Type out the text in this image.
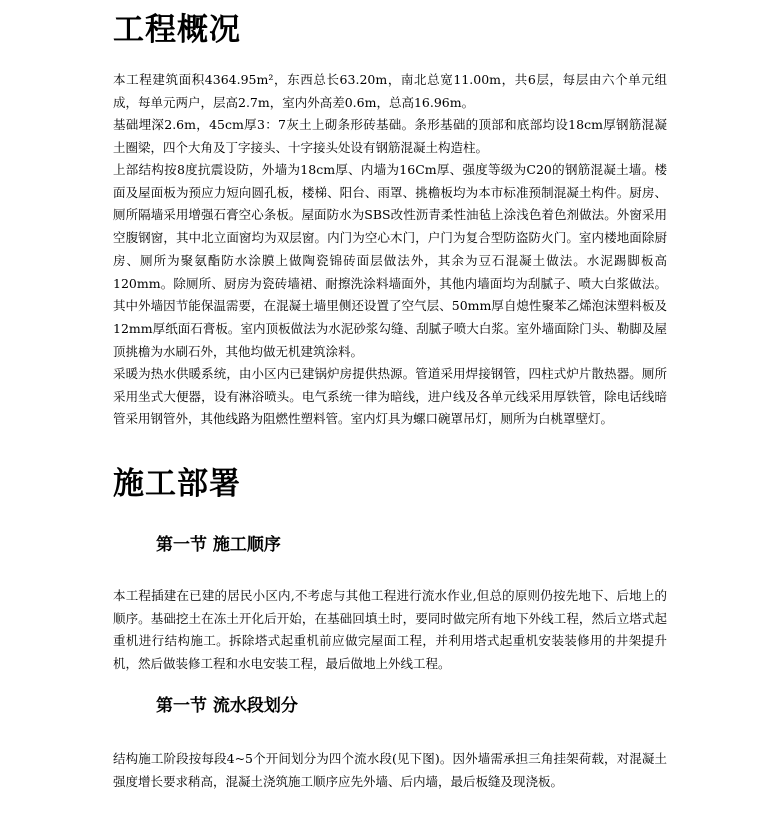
工程概况

本工程建筑面积4364.95m²，东西总长63.20m，南北总宽11.00m，共6层，每层由六个单元组成，每单元两户，层高2.7m，室内外高差0.6m，总高16.96m。

基础埋深2.6m，45cm厚3：7灰土上砌条形砖基础。条形基础的顶部和底部均设18cm厚钢筋混凝土圈梁，四个大角及丁字接头、十字接头处设有钢筋混凝土构造柱。

上部结构按8度抗震设防，外墙为18cm厚、内墙为16Cm厚、强度等级为C20的钢筋混凝土墙。楼面及屋面板为预应力短向圆孔板，楼梯、阳台、雨罩、挑檐板均为本市标准预制混凝土构件。厨房、厕所隔墙采用增强石膏空心条板。屋面防水为SBS改性沥青柔性油毡上涂浅色着色剂做法。外窗采用空腹钢窗，其中北立面窗均为双层窗。内门为空心木门，户门为复合型防盗防火门。室内楼地面除厨房、厕所为聚氨酯防水涂膜上做陶瓷锦砖面层做法外，其余为豆石混凝土做法。水泥踢脚板高120mm。除厕所、厨房为瓷砖墙裙、耐擦洗涂料墙面外，其他内墙面均为刮腻子、喷大白浆做法。其中外墙因节能保温需要，在混凝土墙里侧还设置了空气层、50mm厚自熄性聚苯乙烯泡沫塑料板及12mm厚纸面石膏板。室内顶板做法为水泥砂浆勾缝、刮腻子喷大白浆。室外墙面除门头、勒脚及屋顶挑檐为水刷石外，其他均做无机建筑涂料。

采暖为热水供暖系统，由小区内已建锅炉房提供热源。管道采用焊接钢管，四柱式炉片散热器。厕所采用坐式大便器，设有淋浴喷头。电气系统一律为暗线，进户线及各单元线采用厚铁管，除电话线暗管采用钢管外，其他线路为阻燃性塑料管。室内灯具为螺口碗罩吊灯，厕所为白桃罩壁灯。

施工部署
第一节 施工顺序

本工程插建在已建的居民小区内,不考虑与其他工程进行流水作业,但总的原则仍按先地下、后地上的顺序。基础挖土在冻土开化后开始，在基础回填土时，要同时做完所有地下外线工程，然后立塔式起重机进行结构施工。拆除塔式起重机前应做完屋面工程，并利用塔式起重机安装装修用的井架提升机，然后做装修工程和水电安装工程，最后做地上外线工程。

第一节 流水段划分

结构施工阶段按每段4~5个开间划分为四个流水段(见下图)。因外墙需承担三角挂架荷载，对混凝土强度增长要求稍高，混凝土浇筑施工顺序应先外墙、后内墙，最后板缝及现浇板。
